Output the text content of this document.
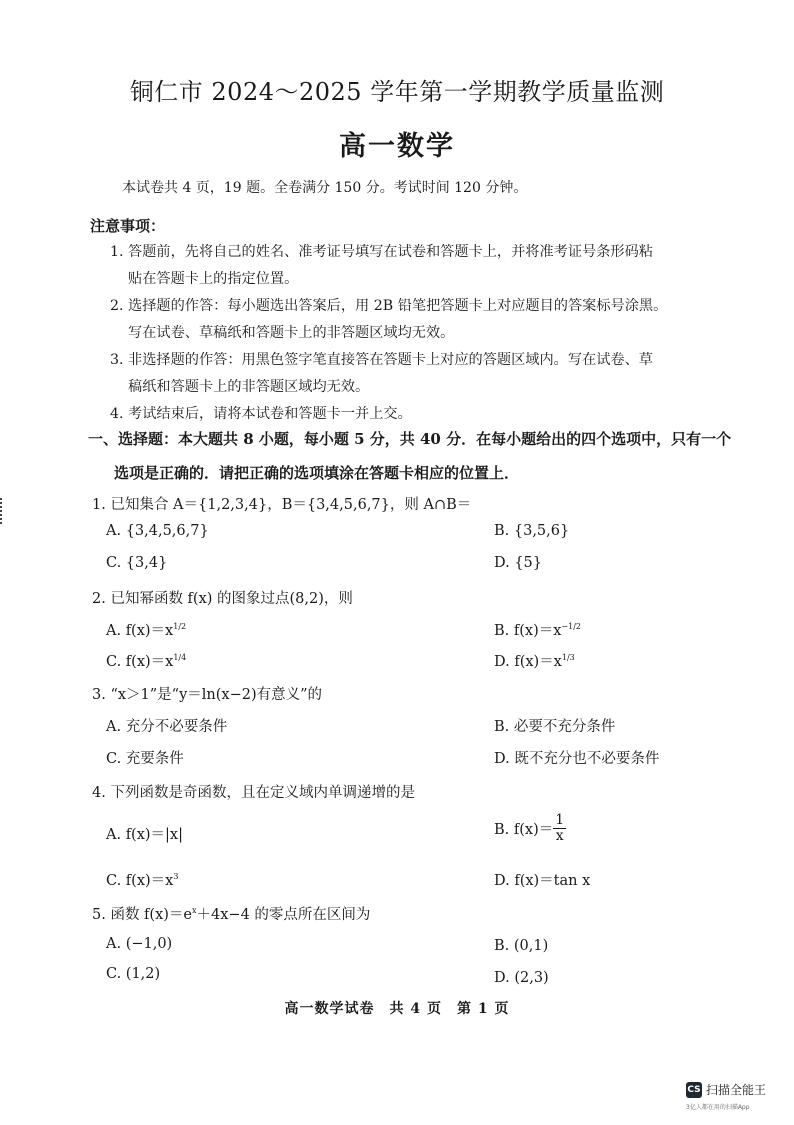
铜仁市 2024～2025 学年第一学期教学质量监测
高一数学
本试卷共 4 页，19 题。全卷满分 150 分。考试时间 120 分钟。
注意事项：
1. 答题前，先将自己的姓名、准考证号填写在试卷和答题卡上，并将准考证号条形码粘
贴在答题卡上的指定位置。
2. 选择题的作答：每小题选出答案后，用 2B 铅笔把答题卡上对应题目的答案标号涂黑。
写在试卷、草稿纸和答题卡上的非答题区域均无效。
3. 非选择题的作答：用黑色签字笔直接答在答题卡上对应的答题区域内。写在试卷、草
稿纸和答题卡上的非答题区域均无效。
4. 考试结束后，请将本试卷和答题卡一并上交。
一、选择题：本大题共 8 小题，每小题 5 分，共 40 分．在每小题给出的四个选项中，只有一个
选项是正确的．请把正确的选项填涂在答题卡相应的位置上．
1. 已知集合 A＝{1,2,3,4}，B＝{3,4,5,6,7}，则 A∩B＝
A. {3,4,5,6,7}	B. {3,5,6}
C. {3,4}	D. {5}
2. 已知幂函数 f(x) 的图象过点(8,2)，则
A. $f(x)=x^{1/2}$	B. $f(x)=x^{-1/2}$
C. $f(x)=x^{1/4}$	D. $f(x)=x^{1/3}$
3. “x＞1”是“y＝ln(x−2)有意义”的
A. 充分不必要条件	B. 必要不充分条件
C. 充要条件	D. 既不充分也不必要条件
4. 下列函数是奇函数，且在定义域内单调递增的是
A. f(x)＝|x|	B. $f(x)= \frac{1}{x}$
C. $f(x)=x^3$	D. f(x)＝tan x
5. 函数 $f(x)=e^x+4x-4$ 的零点所在区间为
A. (−1,0)	B. (0,1)
C. (1,2)	D. (2,3)
高一数学试卷　共 4 页　第 1 页
CS 扫描全能王
3亿人都在用的扫描App
